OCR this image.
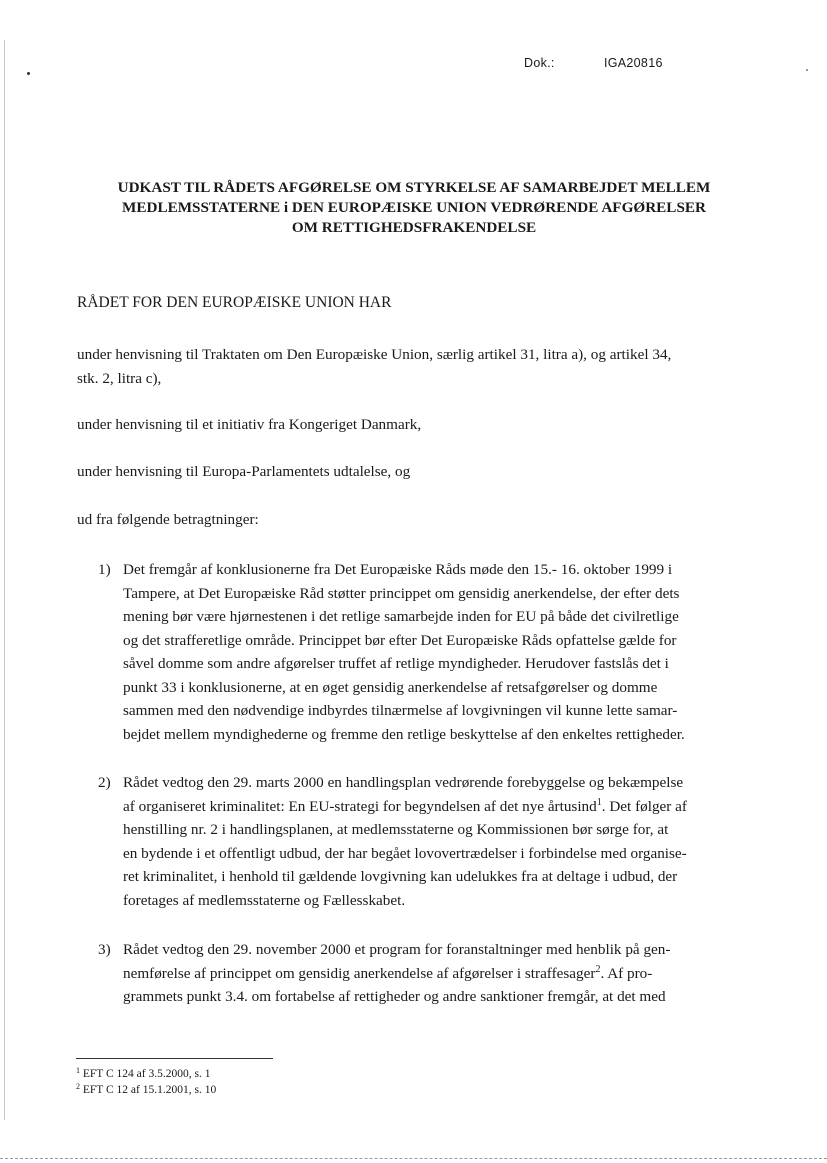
Dok.:	IGA20816
UDKAST TIL RÅDETS AFGØRELSE OM STYRKELSE AF SAMARBEJDET MELLEM
MEDLEMSSTATERNE i DEN EUROPÆISKE UNION VEDRØRENDE AFGØRELSER
OM RETTIGHEDSFRAKENDELSE
RÅDET FOR DEN EUROPÆISKE UNION HAR
under henvisning til Traktaten om Den Europæiske Union, særlig artikel 31, litra a), og artikel 34,
stk. 2, litra c),
under henvisning til et initiativ fra Kongeriget Danmark,
under henvisning til Europa-Parlamentets udtalelse, og
ud fra følgende betragtninger:
1) Det fremgår af konklusionerne fra Det Europæiske Råds møde den 15.- 16. oktober 1999 i
Tampere, at Det Europæiske Råd støtter princippet om gensidig anerkendelse, der efter dets
mening bør være hjørnestenen i det retlige samarbejde inden for EU på både det civilretlige
og det strafferetlige område. Princippet bør efter Det Europæiske Råds opfattelse gælde for
såvel domme som andre afgørelser truffet af retlige myndigheder. Herudover fastslås det i
punkt 33 i konklusionerne, at en øget gensidig anerkendelse af retsafgørelser og domme
sammen med den nødvendige indbyrdes tilnærmelse af lovgivningen vil kunne lette samar-
bejdet mellem myndighederne og fremme den retlige beskyttelse af den enkeltes rettigheder.
2) Rådet vedtog den 29. marts 2000 en handlingsplan vedrørende forebyggelse og bekæmpelse
af organiseret kriminalitet: En EU-strategi for begyndelsen af det nye årtusind$^1$. Det følger af
henstilling nr. 2 i handlingsplanen, at medlemsstaterne og Kommissionen bør sørge for, at
en bydende i et offentligt udbud, der har begået lovovertrædelser i forbindelse med organise-
ret kriminalitet, i henhold til gældende lovgivning kan udelukkes fra at deltage i udbud, der
foretages af medlemsstaterne og Fællesskabet.
3) Rådet vedtog den 29. november 2000 et program for foranstaltninger med henblik på gen-
nemførelse af princippet om gensidig anerkendelse af afgørelser i straffesager$^2$. Af pro-
grammets punkt 3.4. om fortabelse af rettigheder og andre sanktioner fremgår, at det med
$^1$ EFT C 124 af 3.5.2000, s. 1
$^2$ EFT C 12 af 15.1.2001, s. 10
